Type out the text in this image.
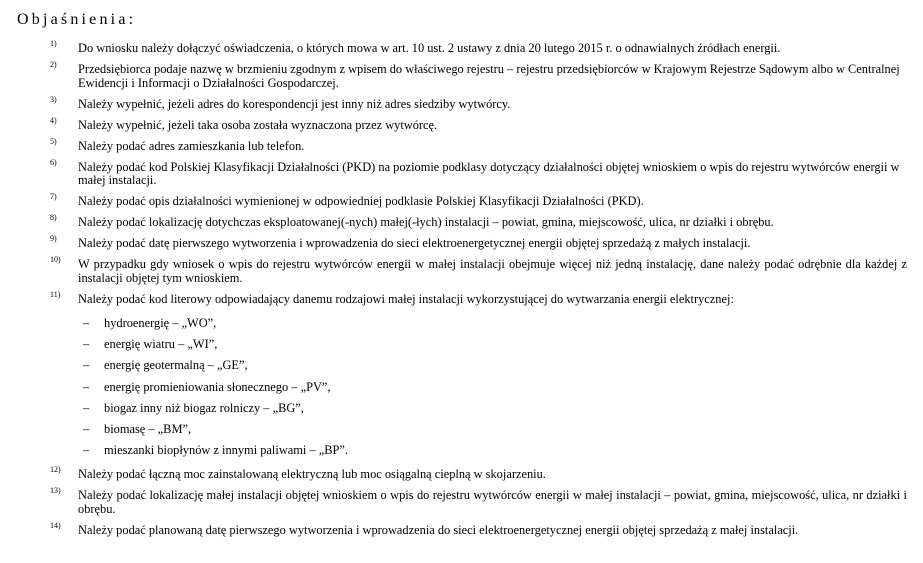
Objaśnienia:
1) Do wniosku należy dołączyć oświadczenia, o których mowa w art. 10 ust. 2 ustawy z dnia 20 lutego 2015 r. o odnawialnych źródłach energii.
2) Przedsiębiorca podaje nazwę w brzmieniu zgodnym z wpisem do właściwego rejestru – rejestru przedsiębiorców w Krajowym Rejestrze Sądowym albo w Centralnej Ewidencji i Informacji o Działalności Gospodarczej.
3) Należy wypełnić, jeżeli adres do korespondencji jest inny niż adres siedziby wytwórcy.
4) Należy wypełnić, jeżeli taka osoba została wyznaczona przez wytwórcę.
5) Należy podać adres zamieszkania lub telefon.
6) Należy podać kod Polskiej Klasyfikacji Działalności (PKD) na poziomie podklasy dotyczący działalności objętej wnioskiem o wpis do rejestru wytwórców energii w małej instalacji.
7) Należy podać opis działalności wymienionej w odpowiedniej podklasie Polskiej Klasyfikacji Działalności (PKD).
8) Należy podać lokalizację dotychczas eksploatowanej(-nych) małej(-łych) instalacji – powiat, gmina, miejscowość, ulica, nr działki i obrębu.
9) Należy podać datę pierwszego wytworzenia i wprowadzenia do sieci elektroenergetycznej energii objętej sprzedażą z małych instalacji.
10) W przypadku gdy wniosek o wpis do rejestru wytwórców energii w małej instalacji obejmuje więcej niż jedną instalację, dane należy podać odrębnie dla każdej z instalacji objętej tym wnioskiem.
11) Należy podać kod literowy odpowiadający danemu rodzajowi małej instalacji wykorzystującej do wytwarzania energii elektrycznej:
– hydroenergię – „WO”,
– energię wiatru – „WI”,
– energię geotermalną – „GE”,
– energię promieniowania słonecznego – „PV”,
– biogaz inny niż biogaz rolniczy – „BG”,
– biomasę – „BM”,
– mieszanki biopłynów z innymi paliwami – „BP”.
12) Należy podać łączną moc zainstalowaną elektryczną lub moc osiągalną cieplną w skojarzeniu.
13) Należy podać lokalizację małej instalacji objętej wnioskiem o wpis do rejestru wytwórców energii w małej instalacji – powiat, gmina, miejscowość, ulica, nr działki i obrębu.
14) Należy podać planowaną datę pierwszego wytworzenia i wprowadzenia do sieci elektroenergetycznej energii objętej sprzedażą z małej instalacji.
